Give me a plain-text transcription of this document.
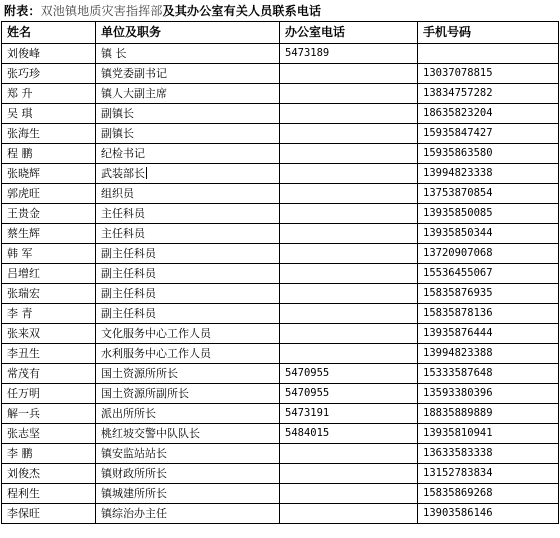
附表：双池镇地质灾害指挥部及其办公室有关人员联系电话
姓名	单位及职务	办公室电话	手机号码
刘俊峰	镇 长	5473189	
张巧珍	镇党委副书记		13037078815
郑 升	镇人大副主席		13834757282
吴 琪	副镇长		18635823204
张海生	副镇长		15935847427
程 鹏	纪检书记		15935863580
张晓辉	武装部长		13994823338
郭虎旺	组织员		13753870854
王贵金	主任科员		13935850085
蔡生辉	主任科员		13935850344
韩 军	副主任科员		13720907068
吕增红	副主任科员		15536455067
张瑞宏	副主任科员		15835876935
李 青	副主任科员		15835878136
张来双	文化服务中心工作人员		13935876444
李丑生	水利服务中心工作人员		13994823388
常茂有	国土资源所所长	5470955	15333587648
任万明	国土资源所副所长	5470955	13593380396
解一兵	派出所所长	5473191	18835889889
张志坚	桃红坡交警中队队长	5484015	13935810941
李 鹏	镇安监站站长		13633583338
刘俊杰	镇财政所所长		13152783834
程利生	镇城建所所长		15835869268
李保旺	镇综治办主任		13903586146
